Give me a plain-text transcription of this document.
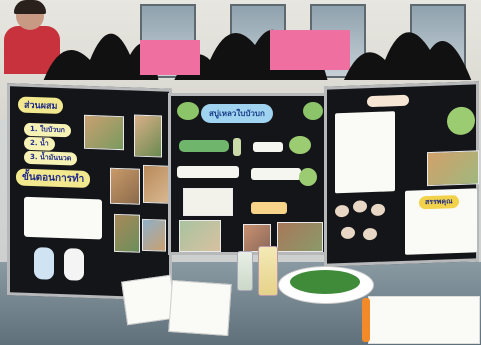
ส่วนผสม
1. ใบบัวบก
2. น้ำ
3. น้ำมันนวด
ขั้นตอนการทำ
สบู่เหลวใบบัวบก
สรรพคุณ
